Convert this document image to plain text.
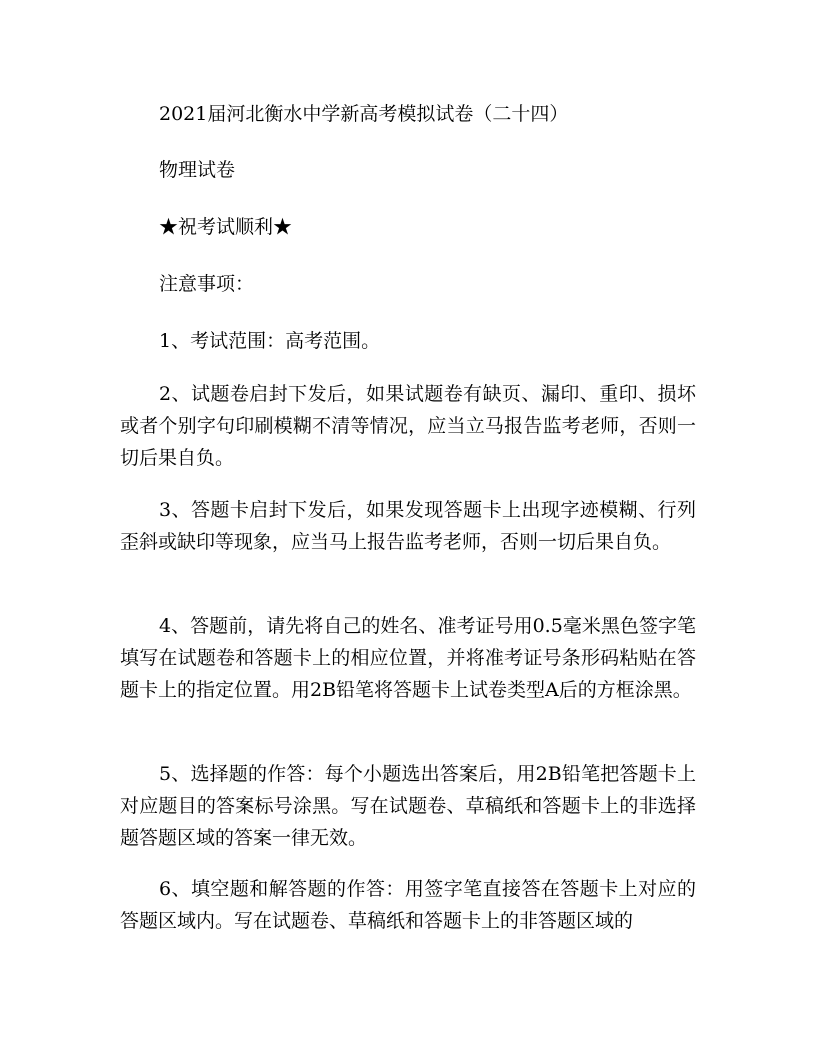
2021届河北衡水中学新高考模拟试卷（二十四）
物理试卷
★祝考试顺利★
注意事项：
1、考试范围：高考范围。
2、试题卷启封下发后，如果试题卷有缺页、漏印、重印、损坏或者个别字句印刷模糊不清等情况，应当立马报告监考老师，否则一切后果自负。
3、答题卡启封下发后，如果发现答题卡上出现字迹模糊、行列歪斜或缺印等现象，应当马上报告监考老师，否则一切后果自负。
4、答题前，请先将自己的姓名、准考证号用0.5毫米黑色签字笔填写在试题卷和答题卡上的相应位置，并将准考证号条形码粘贴在答题卡上的指定位置。用2B铅笔将答题卡上试卷类型A后的方框涂黑。
5、选择题的作答：每个小题选出答案后，用2B铅笔把答题卡上对应题目的答案标号涂黑。写在试题卷、草稿纸和答题卡上的非选择题答题区域的答案一律无效。
6、填空题和解答题的作答：用签字笔直接答在答题卡上对应的答题区域内。写在试题卷、草稿纸和答题卡上的非答题区域的
